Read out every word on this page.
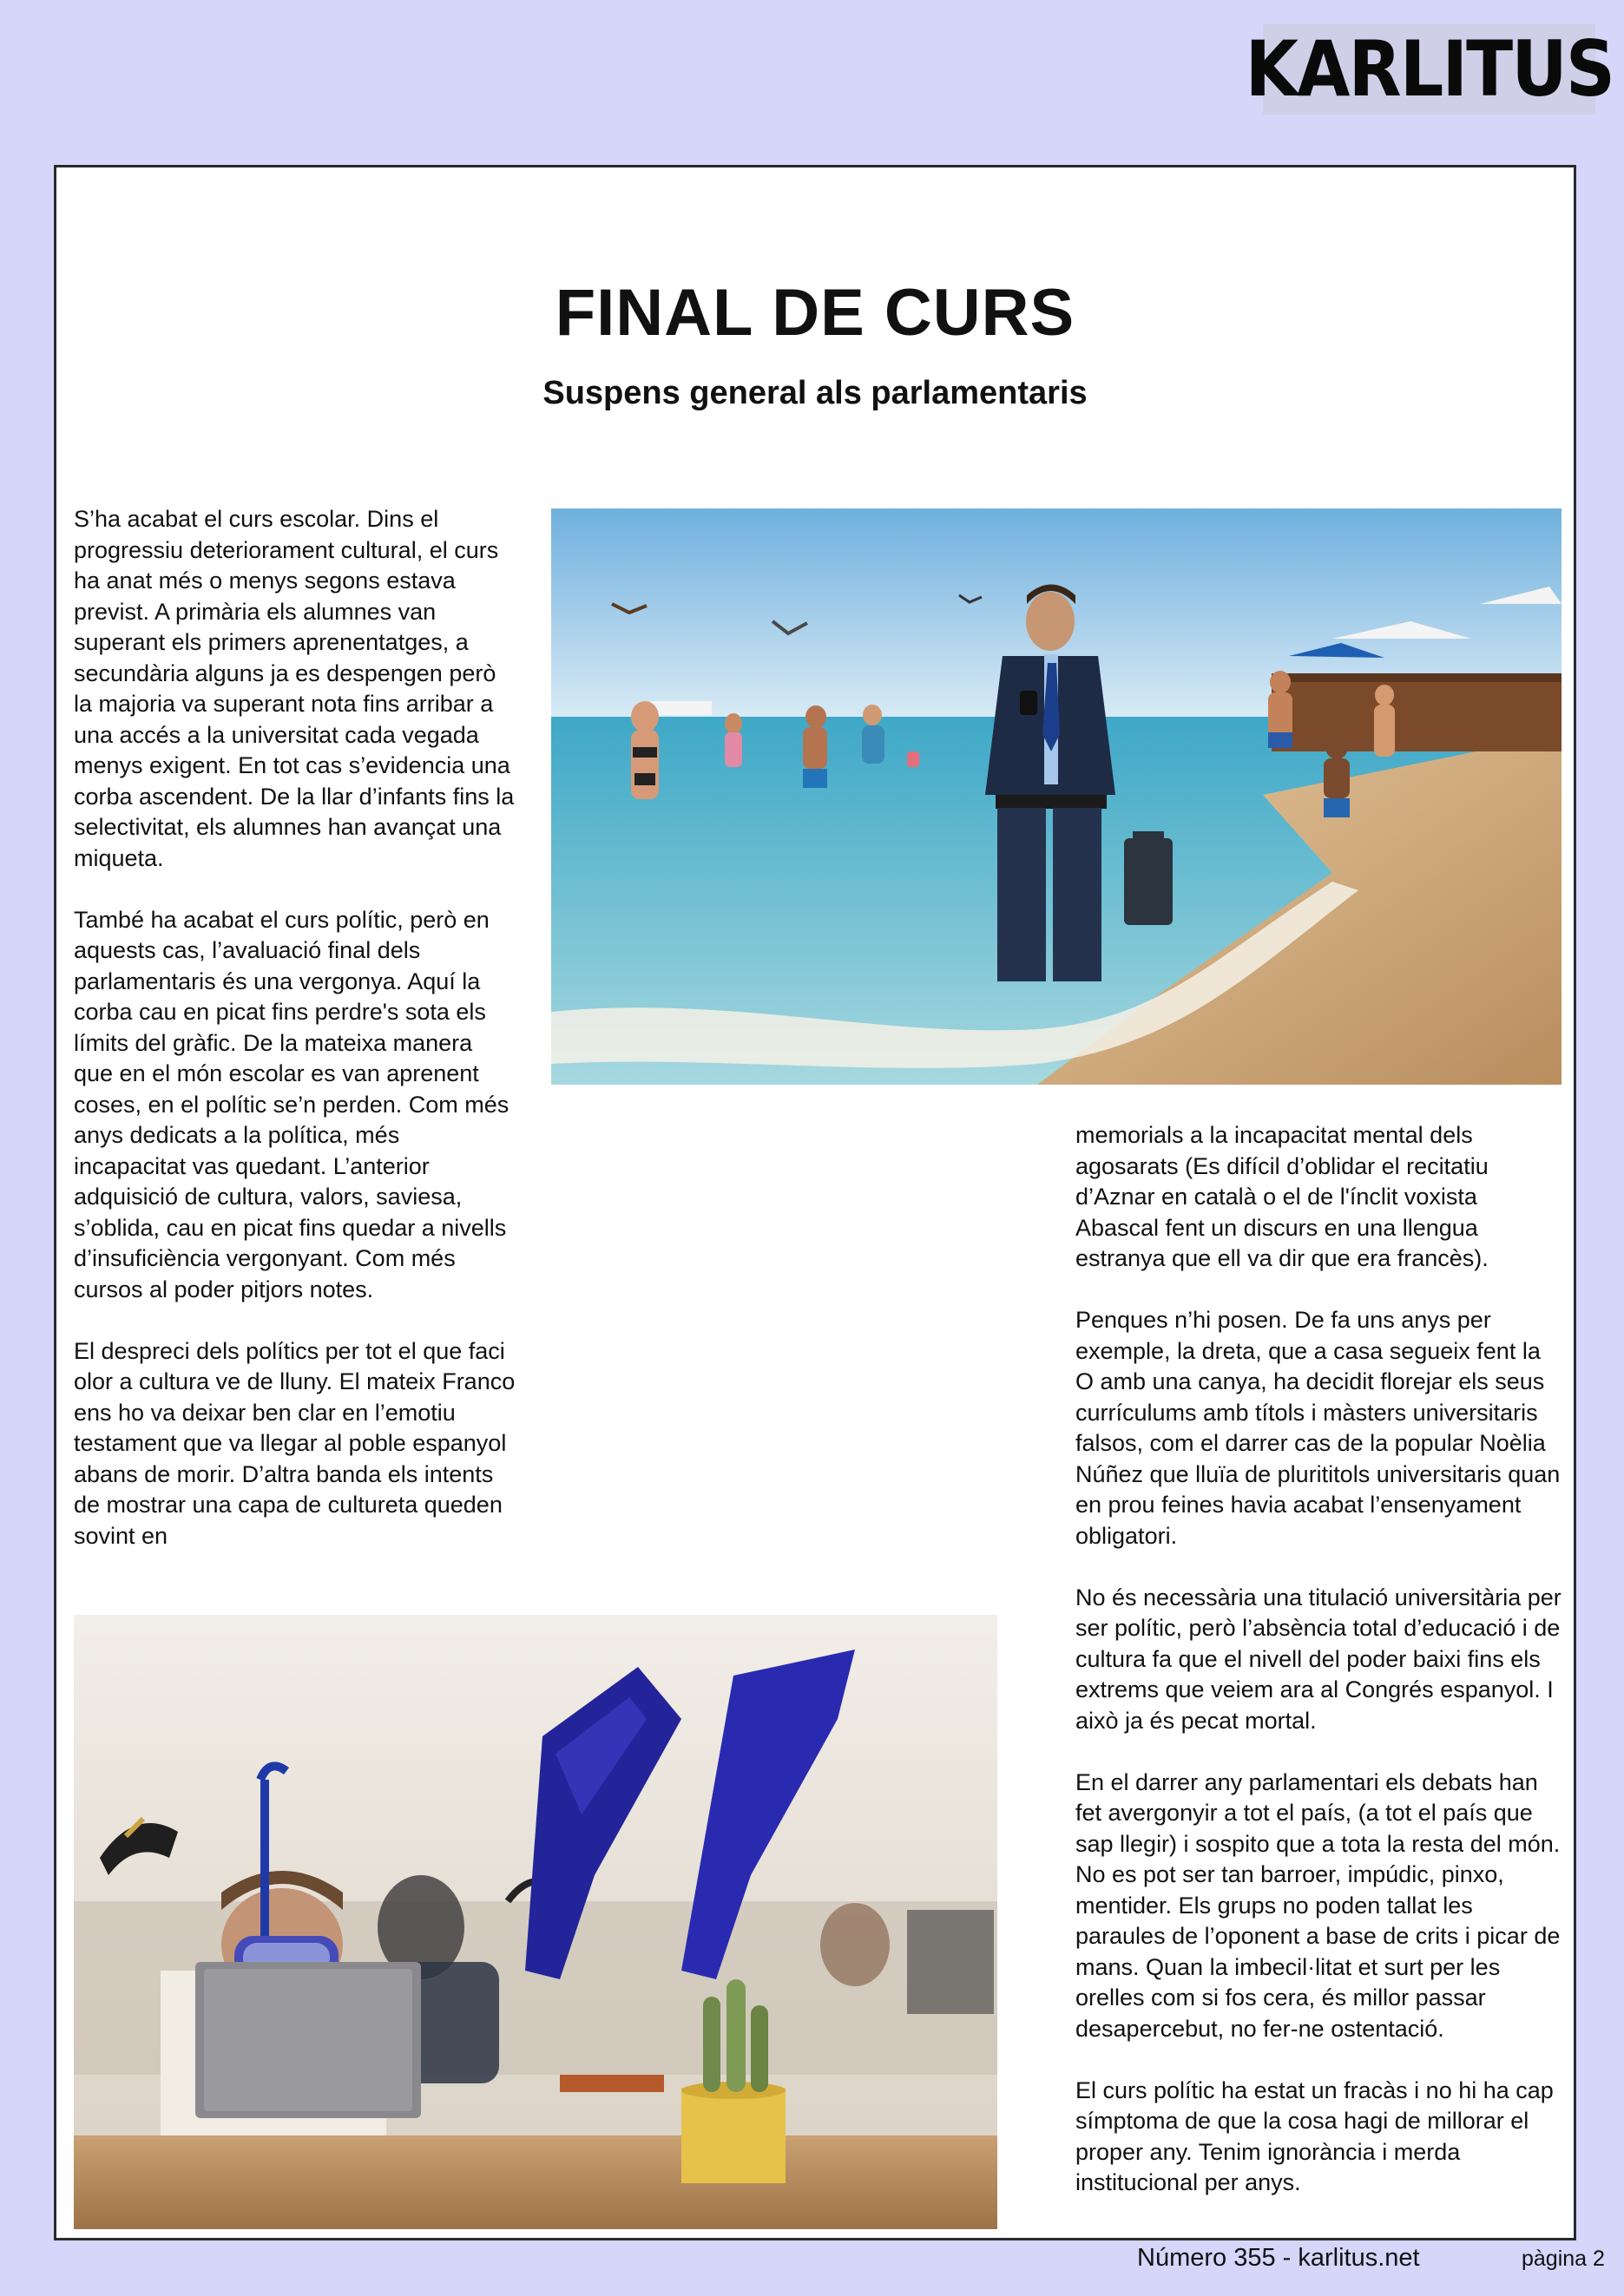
KARLITUS
FINAL DE CURS
Suspens general als parlamentaris

S’ha acabat el curs escolar. Dins el progressiu deteriorament cultural, el curs ha anat més o menys segons estava previst. A primària els alumnes van superant els primers aprenentatges, a secundària alguns ja es despengen però la majoria va superant nota fins arribar a una accés a la universitat cada vegada menys exigent. En tot cas s’evidencia una corba ascendent. De la llar d’infants fins la selectivitat, els alumnes han avançat una miqueta.

També ha acabat el curs polític, però en aquests cas, l’avaluació final dels parlamentaris és una vergonya. Aquí la corba cau en picat fins perdre's sota els límits del gràfic. De la mateixa manera que en el món escolar es van aprenent coses, en el polític se’n perden. Com més anys dedicats a la política, més incapacitat vas quedant. L’anterior adquisició de cultura, valors, saviesa, s’oblida, cau en picat fins quedar a nivells d’insuficiència vergonyant. Com més cursos al poder pitjors notes.

El despreci dels polítics per tot el que faci olor a cultura ve de lluny. El mateix Franco ens ho va deixar ben clar en l’emotiu testament que va llegar al poble espanyol abans de morir. D’altra banda els intents de mostrar una capa de cultureta queden sovint en

memorials a la incapacitat mental dels agosarats (Es difícil d’oblidar el recitatiu d’Aznar en català o el de l'ínclit voxista Abascal fent un discurs en una llengua estranya que ell va dir que era francès).

Penques n’hi posen. De fa uns anys per exemple, la dreta, que a casa segueix fent la O amb una canya, ha decidit florejar els seus currículums amb títols i màsters universitaris falsos, com el darrer cas de la popular Noèlia Núñez que lluïa de plurititols universitaris quan en prou feines havia acabat l’ensenyament obligatori.

No és necessària una titulació universitària per ser polític, però l’absència total d’educació i de cultura fa que el nivell del poder baixi fins els extrems que veiem ara al Congrés espanyol. I això ja és pecat mortal.

En el darrer any parlamentari els debats han fet avergonyir a tot el país, (a tot el país que sap llegir) i sospito que a tota la resta del món. No es pot ser tan barroer, impúdic, pinxo, mentider. Els grups no poden tallat les paraules de l’oponent a base de crits i picar de mans. Quan la imbecil·litat et surt per les orelles com si fos cera, és millor passar desapercebut, no fer-ne ostentació.

El curs polític ha estat un fracàs i no hi ha cap símptoma de que la cosa hagi de millorar el proper any. Tenim ignorància i merda institucional per anys.

Número 355 - karlitus.net	pàgina 2
